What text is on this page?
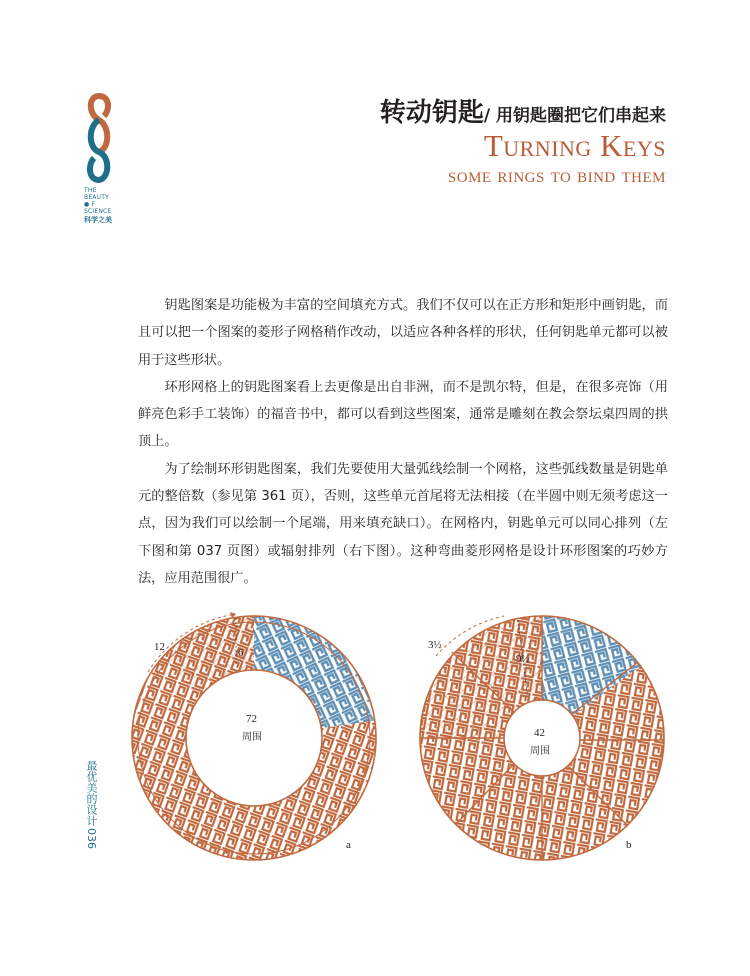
THE
BEAUTY
● F
SCIENCE
科学之美
转动钥匙/ 用钥匙圈把它们串起来
Turning Keys
some rings to bind them

钥匙图案是功能极为丰富的空间填充方式。我们不仅可以在正方形和矩形中画钥匙，而且可以把一个图案的菱形子网格稍作改动，以适应各种各样的形状，任何钥匙单元都可以被用于这些形状。

环形网格上的钥匙图案看上去更像是出自非洲，而不是凯尔特，但是，在很多亮饰（用鲜亮色彩手工装饰）的福音书中，都可以看到这些图案，通常是雕刻在教会祭坛桌四周的拱顶上。

为了绘制环形钥匙图案，我们先要使用大量弧线绘制一个网格，这些弧线数量是钥匙单元的整倍数（参见第 361 页），否则，这些单元首尾将无法相接（在半圆中则无须考虑这一点，因为我们可以绘制一个尾端，用来填充缺口）。在网格内，钥匙单元可以同心排列（左下图和第 037 页图）或辐射排列（右下图）。这种弯曲菱形网格是设计环形图案的巧妙方法，应用范围很广。

最优美的设计
036
12	6
72
周围
a
3½
9½
42
周围
b
